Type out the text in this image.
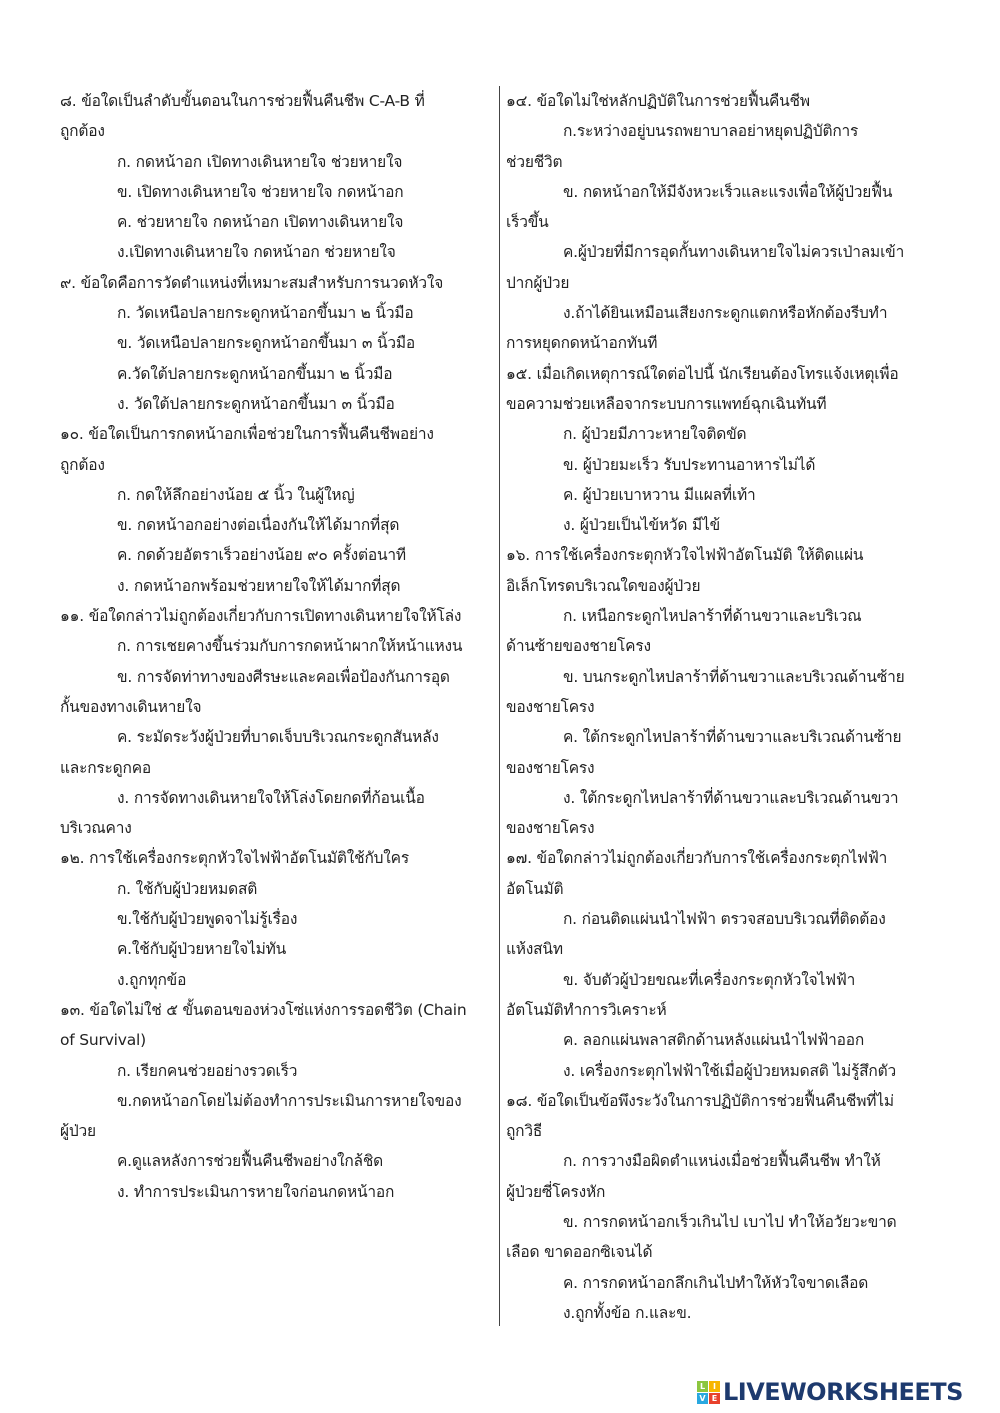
๘. ข้อใดเป็นลำดับขั้นตอนในการช่วยฟื้นคืนชีพ C-A-B ที่
ถูกต้อง
ก. กดหน้าอก เปิดทางเดินหายใจ ช่วยหายใจ
ข. เปิดทางเดินหายใจ ช่วยหายใจ กดหน้าอก
ค. ช่วยหายใจ กดหน้าอก เปิดทางเดินหายใจ
ง.เปิดทางเดินหายใจ กดหน้าอก ช่วยหายใจ
๙. ข้อใดคือการวัดตำแหน่งที่เหมาะสมสำหรับการนวดหัวใจ
ก. วัดเหนือปลายกระดูกหน้าอกขึ้นมา ๒ นิ้วมือ
ข. วัดเหนือปลายกระดูกหน้าอกขึ้นมา ๓ นิ้วมือ
ค.วัดใต้ปลายกระดูกหน้าอกขึ้นมา ๒ นิ้วมือ
ง. วัดใต้ปลายกระดูกหน้าอกขึ้นมา ๓ นิ้วมือ
๑๐. ข้อใดเป็นการกดหน้าอกเพื่อช่วยในการฟื้นคืนชีพอย่าง
ถูกต้อง
ก. กดให้ลึกอย่างน้อย ๕ นิ้ว ในผู้ใหญ่
ข. กดหน้าอกอย่างต่อเนื่องกันให้ได้มากที่สุด
ค. กดด้วยอัตราเร็วอย่างน้อย ๙๐ ครั้งต่อนาที
ง. กดหน้าอกพร้อมช่วยหายใจให้ได้มากที่สุด
๑๑. ข้อใดกล่าวไม่ถูกต้องเกี่ยวกับการเปิดทางเดินหายใจให้โล่ง
ก. การเชยคางขึ้นร่วมกับการกดหน้าผากให้หน้าแหงน
ข. การจัดท่าทางของศีรษะและคอเพื่อป้องกันการอุด
กั้นของทางเดินหายใจ
ค. ระมัดระวังผู้ป่วยที่บาดเจ็บบริเวณกระดูกสันหลัง
และกระดูกคอ
ง. การจัดทางเดินหายใจให้โล่งโดยกดที่ก้อนเนื้อ
บริเวณคาง
๑๒. การใช้เครื่องกระตุกหัวใจไฟฟ้าอัตโนมัติใช้กับใคร
ก. ใช้กับผู้ป่วยหมดสติ
ข.ใช้กับผู้ป่วยพูดจาไม่รู้เรื่อง
ค.ใช้กับผู้ป่วยหายใจไม่ทัน
ง.ถูกทุกข้อ
๑๓. ข้อใดไม่ใช่ ๕ ขั้นตอนของห่วงโซ่แห่งการรอดชีวิต (Chain
of Survival)
ก. เรียกคนช่วยอย่างรวดเร็ว
ข.กดหน้าอกโดยไม่ต้องทำการประเมินการหายใจของ
ผู้ป่วย
ค.ดูแลหลังการช่วยฟื้นคืนชีพอย่างใกล้ชิด
ง. ทำการประเมินการหายใจก่อนกดหน้าอก
๑๔. ข้อใดไม่ใช่หลักปฏิบัติในการช่วยฟื้นคืนชีพ
ก.ระหว่างอยู่บนรถพยาบาลอย่าหยุดปฏิบัติการ
ช่วยชีวิต
ข. กดหน้าอกให้มีจังหวะเร็วและแรงเพื่อให้ผู้ป่วยฟื้น
เร็วขึ้น
ค.ผู้ป่วยที่มีการอุดกั้นทางเดินหายใจไม่ควรเป่าลมเข้า
ปากผู้ป่วย
ง.ถ้าได้ยินเหมือนเสียงกระดูกแตกหรือหักต้องรีบทำ
การหยุดกดหน้าอกทันที
๑๕. เมื่อเกิดเหตุการณ์ใดต่อไปนี้ นักเรียนต้องโทรแจ้งเหตุเพื่อ
ขอความช่วยเหลือจากระบบการแพทย์ฉุกเฉินทันที
ก. ผู้ป่วยมีภาวะหายใจติดขัด
ข. ผู้ป่วยมะเร็ว รับประทานอาหารไม่ได้
ค. ผู้ป่วยเบาหวาน มีแผลที่เท้า
ง. ผู้ป่วยเป็นไข้หวัด มีไข้
๑๖. การใช้เครื่องกระตุกหัวใจไฟฟ้าอัตโนมัติ ให้ติดแผ่น
อิเล็กโทรดบริเวณใดของผู้ป่วย
ก. เหนือกระดูกไหปลาร้าที่ด้านขวาและบริเวณ
ด้านซ้ายของชายโครง
ข. บนกระดูกไหปลาร้าที่ด้านขวาและบริเวณด้านซ้าย
ของชายโครง
ค. ใต้กระดูกไหปลาร้าที่ด้านขวาและบริเวณด้านซ้าย
ของชายโครง
ง. ใต้กระดูกไหปลาร้าที่ด้านขวาและบริเวณด้านขวา
ของชายโครง
๑๗. ข้อใดกล่าวไม่ถูกต้องเกี่ยวกับการใช้เครื่องกระตุกไฟฟ้า
อัตโนมัติ
ก. ก่อนติดแผ่นนำไฟฟ้า ตรวจสอบบริเวณที่ติดต้อง
แห้งสนิท
ข. จับตัวผู้ป่วยขณะที่เครื่องกระตุกหัวใจไฟฟ้า
อัตโนมัติทำการวิเคราะห์
ค. ลอกแผ่นพลาสติกด้านหลังแผ่นนำไฟฟ้าออก
ง. เครื่องกระตุกไฟฟ้าใช้เมื่อผู้ป่วยหมดสติ ไม่รู้สึกตัว
๑๘. ข้อใดเป็นข้อพึงระวังในการปฏิบัติการช่วยฟื้นคืนชีพที่ไม่
ถูกวิธี
ก. การวางมือผิดตำแหน่งเมื่อช่วยฟื้นคืนชีพ ทำให้
ผู้ป่วยซี่โครงหัก
ข. การกดหน้าอกเร็วเกินไป เบาไป ทำให้อวัยวะขาด
เลือด ขาดออกซิเจนได้
ค. การกดหน้าอกลึกเกินไปทำให้หัวใจขาดเลือด
ง.ถูกทั้งข้อ ก.และข.
L I
V E LIVEWORKSHEETS
